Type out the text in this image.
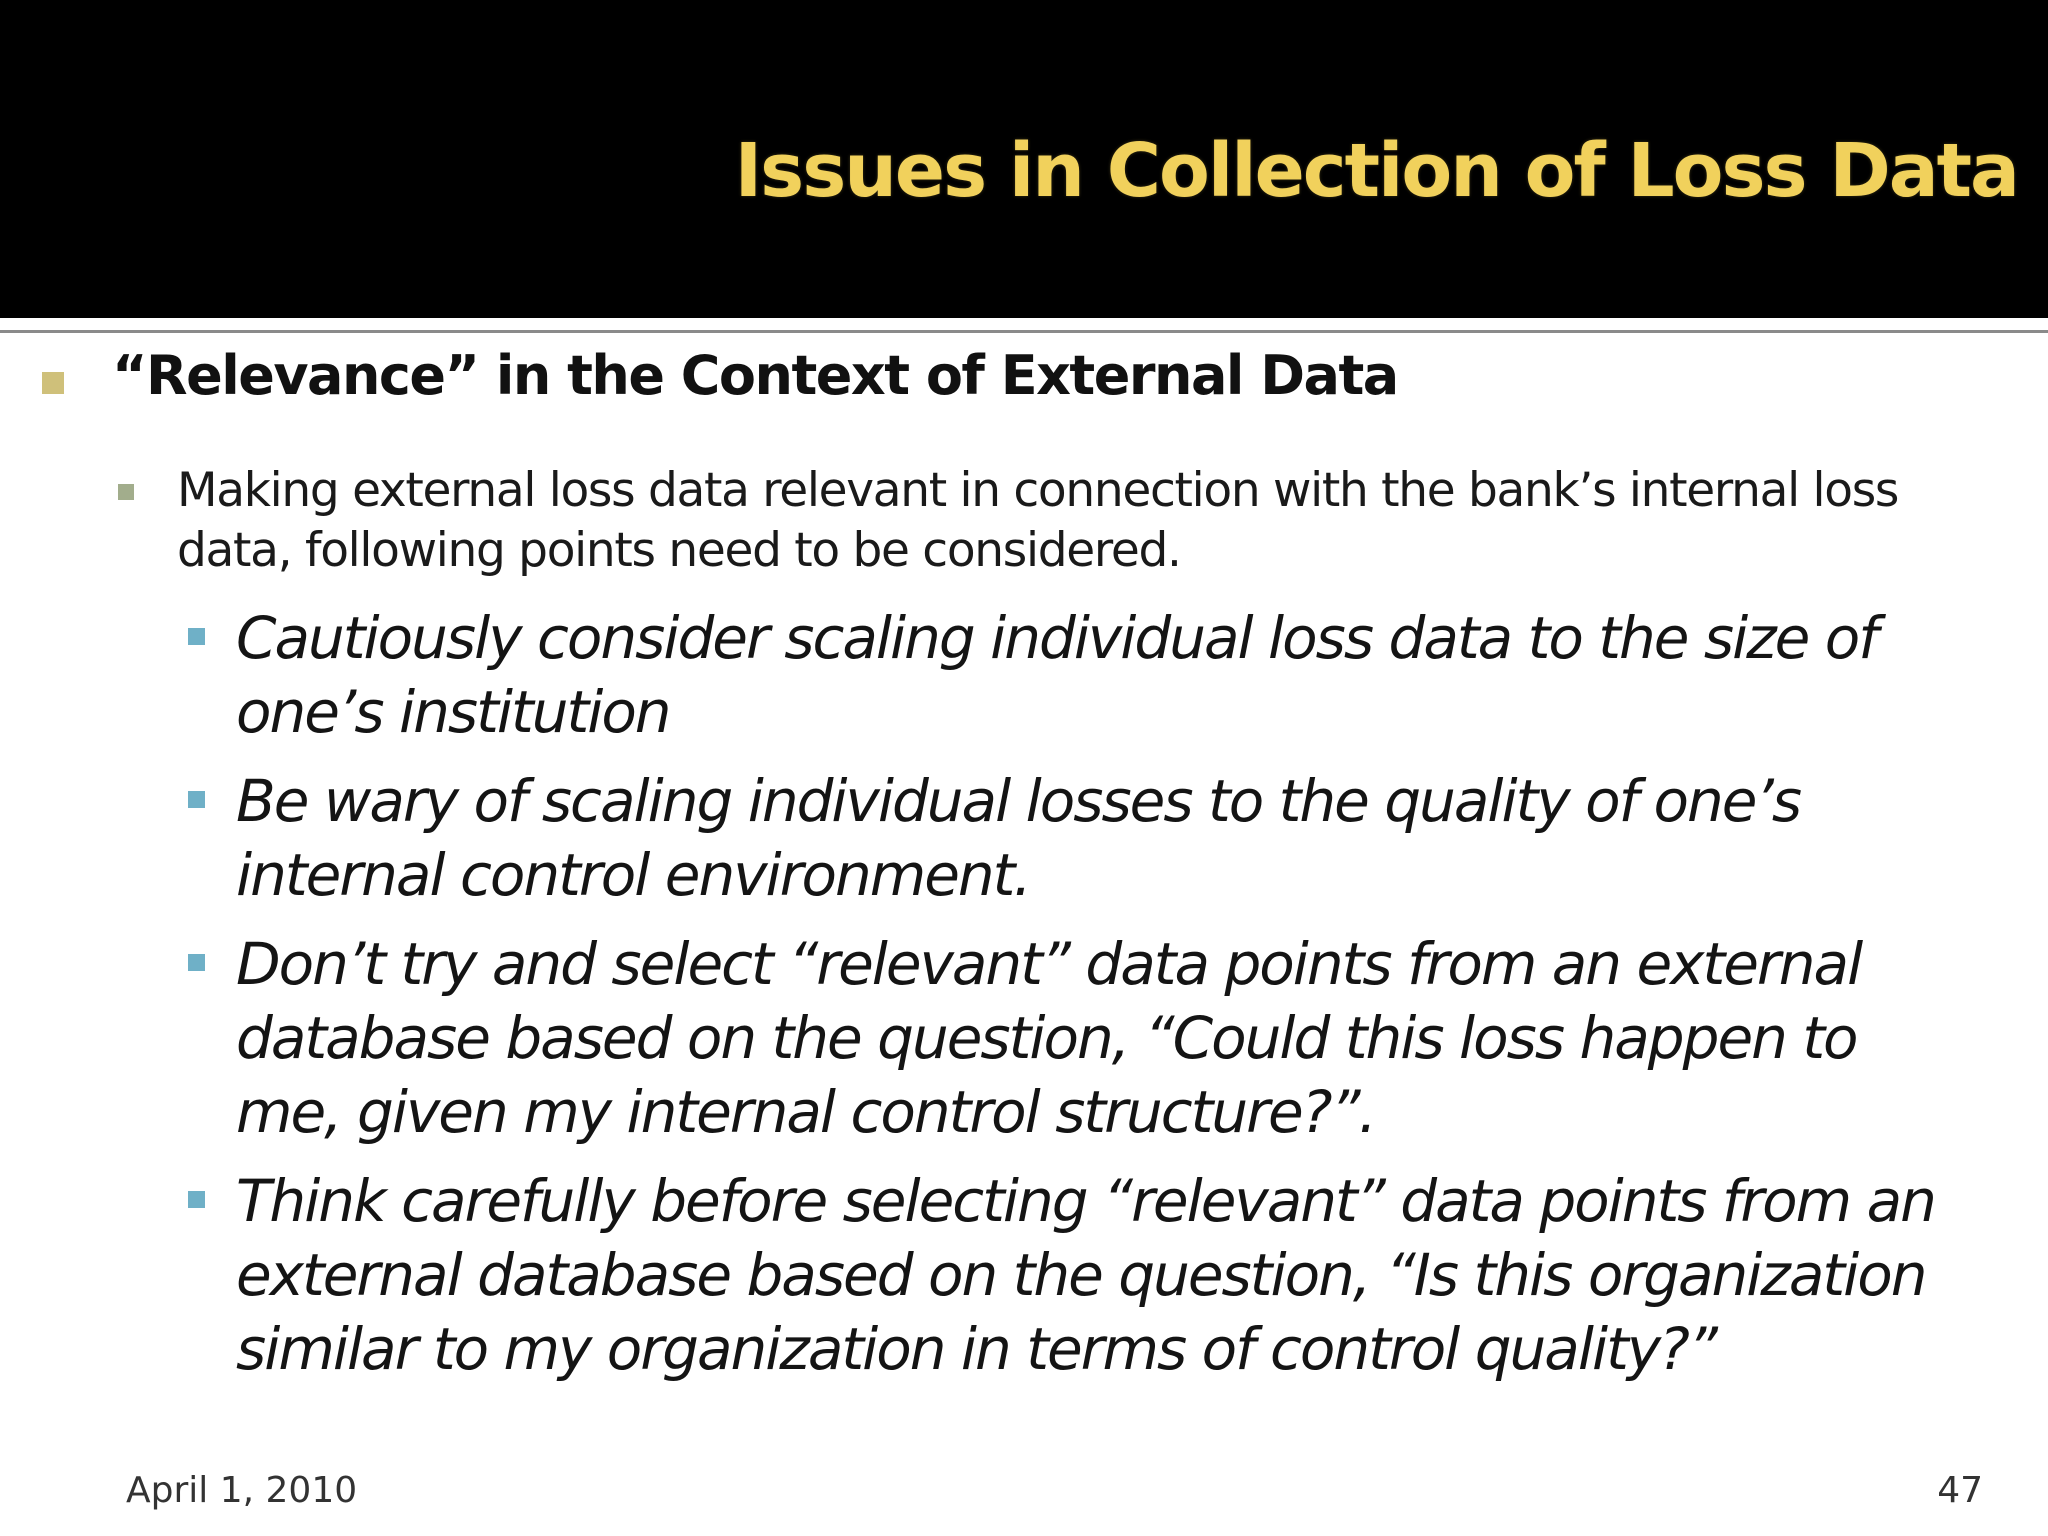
Issues in Collection of Loss Data

“Relevance” in the Context of External Data

Making external loss data relevant in connection with the bank’s internal loss data, following points need to be considered.

Cautiously consider scaling individual loss data to the size of one’s institution

Be wary of scaling individual losses to the quality of one’s internal control environment.

Don’t try and select “relevant” data points from an external database based on the question, “Could this loss happen to me, given my internal control structure?”.

Think carefully before selecting “relevant” data points from an external database based on the question, “Is this organization similar to my organization in terms of control quality?”

April 1, 2010	47
